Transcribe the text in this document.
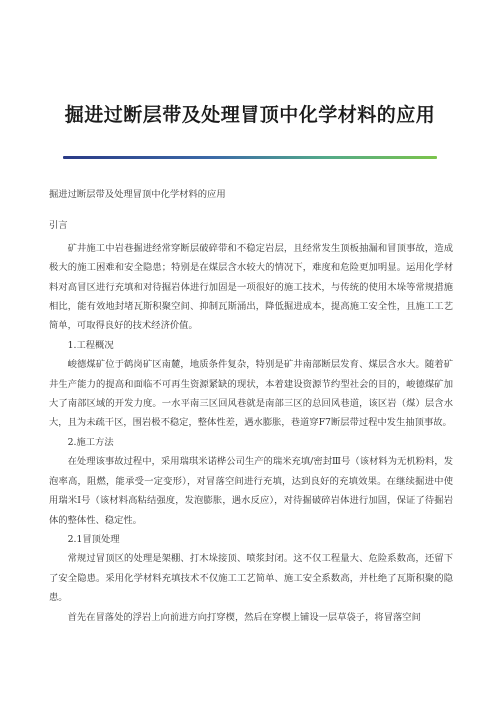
掘进过断层带及处理冒顶中化学材料的应用

掘进过断层带及处理冒顶中化学材料的应用

引言

矿井施工中岩巷掘进经常穿断层破碎带和不稳定岩层，且经常发生顶板抽漏和冒顶事故，造成极大的施工困难和安全隐患；特别是在煤层含水较大的情况下，难度和危险更加明显。运用化学材料对高冒区进行充填和对待掘岩体进行加固是一项很好的施工技术，与传统的使用木垛等常规措施相比，能有效地封堵瓦斯积聚空间、抑制瓦斯涌出，降低掘进成本，提高施工安全性，且施工工艺简单，可取得良好的技术经济价值。

1.工程概况

峻德煤矿位于鹤岗矿区南麓，地质条件复杂，特别是矿井南部断层发育、煤层含水大。随着矿井生产能力的提高和面临不可再生资源紧缺的现状，本着建设资源节约型社会的目的，峻德煤矿加大了南部区域的开发力度。一水平南三区回风巷就是南部三区的总回风巷道，该区岩（煤）层含水大，且为未疏干区，围岩极不稳定，整体性差，遇水膨胀，巷道穿F7断层带过程中发生抽顶事故。

2.施工方法

在处理该事故过程中，采用瑞琪米诺桦公司生产的瑞米充填/密封Ⅲ号（该材料为无机粉料，发泡率高，阻燃，能承受一定变形），对冒落空间进行充填，达到良好的充填效果。在继续掘进中使用瑞米Ⅰ号（该材料高粘结强度，发泡膨胀，遇水反应），对待掘破碎岩体进行加固，保证了待掘岩体的整体性、稳定性。

2.1冒顶处理

常规过冒顶区的处理是架棚、打木垛接顶、喷浆封闭。这不仅工程量大、危险系数高，还留下了安全隐患。采用化学材料充填技术不仅施工工艺简单、施工安全系数高，并杜绝了瓦斯积聚的隐患。

首先在冒落处的浮岩上向前进方向打穿楔，然后在穿楔上铺设一层草袋子，将冒落空间
